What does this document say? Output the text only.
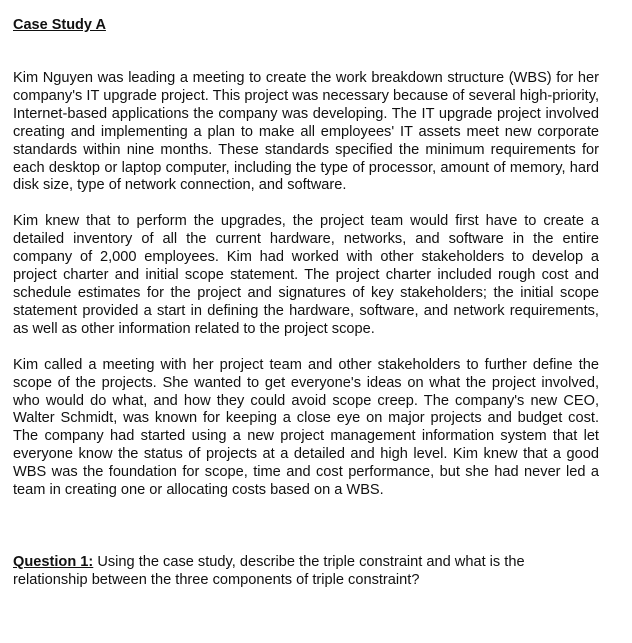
Case Study A

Kim Nguyen was leading a meeting to create the work breakdown structure (WBS) for her company's IT upgrade project. This project was necessary because of several high-priority, Internet-based applications the company was developing. The IT upgrade project involved creating and implementing a plan to make all employees' IT assets meet new corporate standards within nine months. These standards specified the minimum requirements for each desktop or laptop computer, including the type of processor, amount of memory, hard disk size, type of network connection, and software.

Kim knew that to perform the upgrades, the project team would first have to create a detailed inventory of all the current hardware, networks, and software in the entire company of 2,000 employees. Kim had worked with other stakeholders to develop a project charter and initial scope statement. The project charter included rough cost and schedule estimates for the project and signatures of key stakeholders; the initial scope statement provided a start in defining the hardware, software, and network requirements, as well as other information related to the project scope.

Kim called a meeting with her project team and other stakeholders to further define the scope of the projects. She wanted to get everyone's ideas on what the project involved, who would do what, and how they could avoid scope creep. The company's new CEO, Walter Schmidt, was known for keeping a close eye on major projects and budget cost. The company had started using a new project management information system that let everyone know the status of projects at a detailed and high level. Kim knew that a good WBS was the foundation for scope, time and cost performance, but she had never led a team in creating one or allocating costs based on a WBS.

Question 1: Using the case study, describe the triple constraint and what is the relationship between the three components of triple constraint?
